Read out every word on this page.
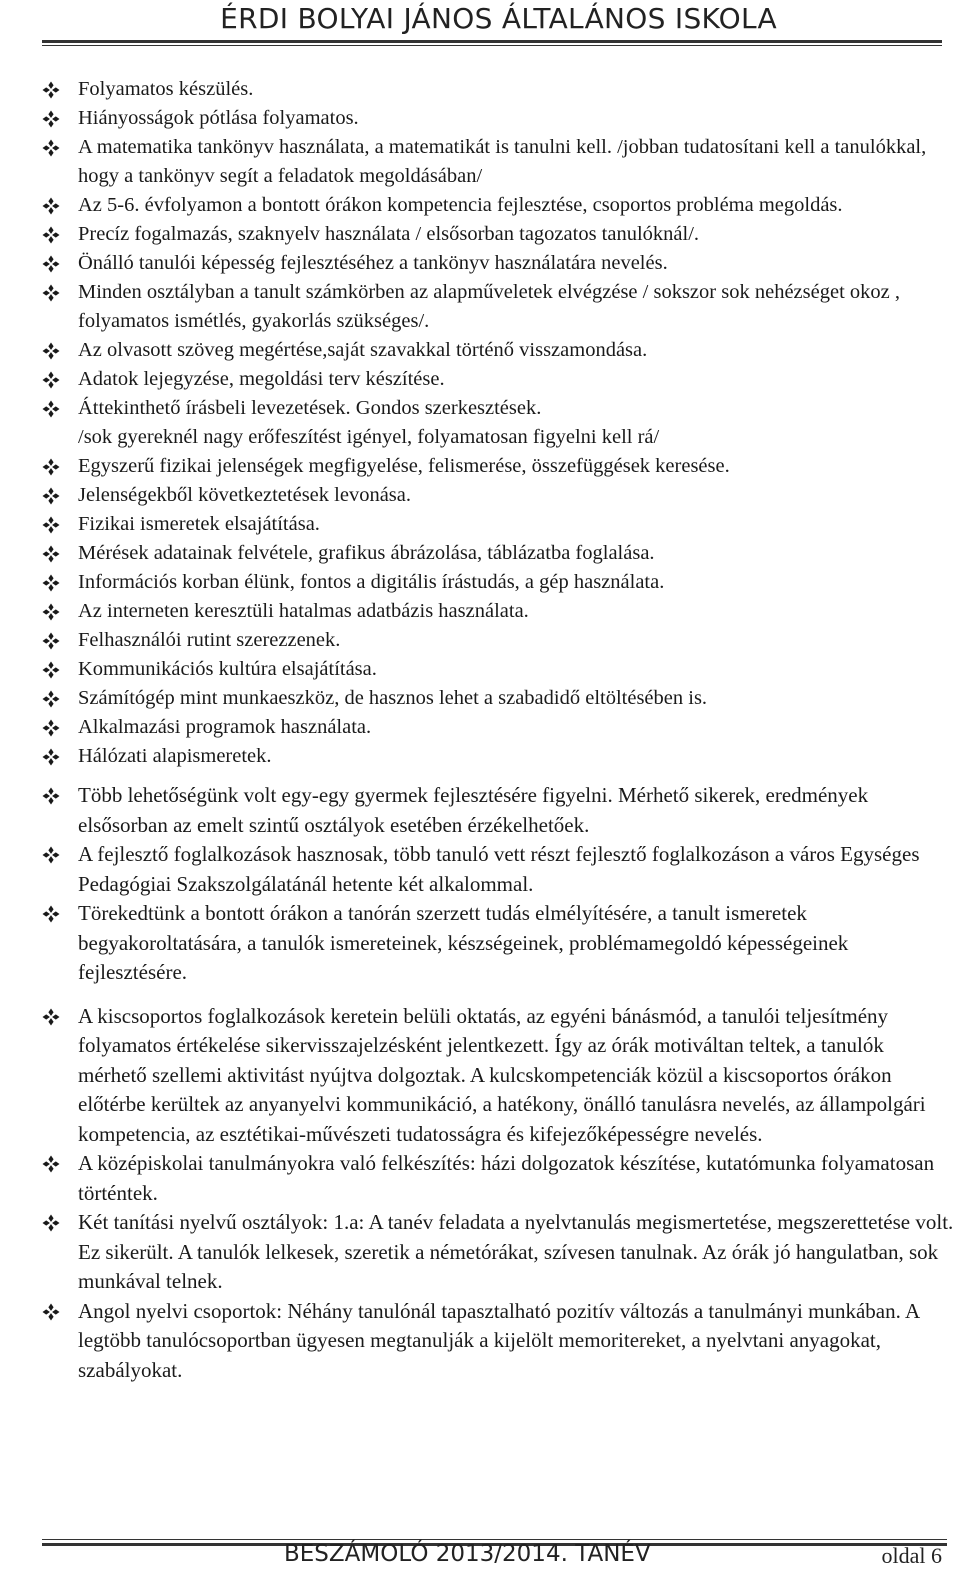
ÉRDI BOLYAI JÁNOS ÁLTALÁNOS ISKOLA
Folyamatos készülés.
Hiányosságok pótlása folyamatos.
A matematika tankönyv használata, a matematikát is tanulni kell. /jobban tudatosítani kell a tanulókkal, hogy a tankönyv segít a feladatok megoldásában/
Az 5-6. évfolyamon a bontott órákon kompetencia fejlesztése, csoportos probléma megoldás.
Precíz fogalmazás, szaknyelv használata / elsősorban tagozatos tanulóknál/.
Önálló tanulói képesség fejlesztéséhez a tankönyv használatára nevelés.
Minden osztályban a tanult számkörben az alapműveletek elvégzése / sokszor sok nehézséget okoz , folyamatos ismétlés, gyakorlás szükséges/.
Az olvasott szöveg megértése,saját szavakkal történő visszamondása.
Adatok lejegyzése, megoldási terv készítése.
Áttekinthető írásbeli levezetések. Gondos szerkesztések.
/sok gyereknél nagy erőfeszítést igényel, folyamatosan figyelni kell rá/
Egyszerű fizikai jelenségek megfigyelése, felismerése, összefüggések keresése.
Jelenségekből következtetések levonása.
Fizikai ismeretek elsajátítása.
Mérések adatainak felvétele, grafikus ábrázolása, táblázatba foglalása.
Információs korban élünk, fontos a digitális írástudás, a gép használata.
Az interneten keresztüli hatalmas adatbázis használata.
Felhasználói rutint szerezzenek.
Kommunikációs kultúra elsajátítása.
Számítógép mint munkaeszköz, de hasznos lehet a szabadidő eltöltésében is.
Alkalmazási programok használata.
Hálózati alapismeretek.
Több lehetőségünk volt egy-egy gyermek fejlesztésére figyelni. Mérhető sikerek, eredmények elsősorban az emelt szintű osztályok esetében érzékelhetőek.
A fejlesztő foglalkozások hasznosak, több tanuló vett részt fejlesztő foglalkozáson a város Egységes Pedagógiai Szakszolgálatánál hetente két alkalommal.
Törekedtünk a bontott órákon a tanórán szerzett tudás elmélyítésére, a tanult ismeretek begyakoroltatására, a tanulók ismereteinek, készségeinek, problémamegoldó képességeinek fejlesztésére.
A kiscsoportos foglalkozások keretein belüli oktatás, az egyéni bánásmód, a tanulói teljesítmény folyamatos értékelése sikervisszajelzésként jelentkezett. Így az órák motiváltan teltek, a tanulók mérhető szellemi aktivitást nyújtva dolgoztak. A kulcskompetenciák közül a kiscsoportos órákon előtérbe kerültek az anyanyelvi kommunikáció, a hatékony, önálló tanulásra nevelés, az állampolgári kompetencia, az esztétikai-művészeti tudatosságra és kifejezőképességre nevelés.
A középiskolai tanulmányokra való felkészítés: házi dolgozatok készítése, kutatómunka folyamatosan történtek.
Két tanítási nyelvű osztályok: 1.a: A tanév feladata a nyelvtanulás megismertetése, megszerettetése volt. Ez sikerült. A tanulók lelkesek, szeretik a németórákat, szívesen tanulnak. Az órák jó hangulatban, sok munkával telnek.
Angol nyelvi csoportok: Néhány tanulónál tapasztalható pozitív változás a tanulmányi munkában. A legtöbb tanulócsoportban ügyesen megtanulják a kijelölt memoritereket, a nyelvtani anyagokat, szabályokat.
BESZÁMOLÓ 2013/2014. TANÉV	oldal 6
